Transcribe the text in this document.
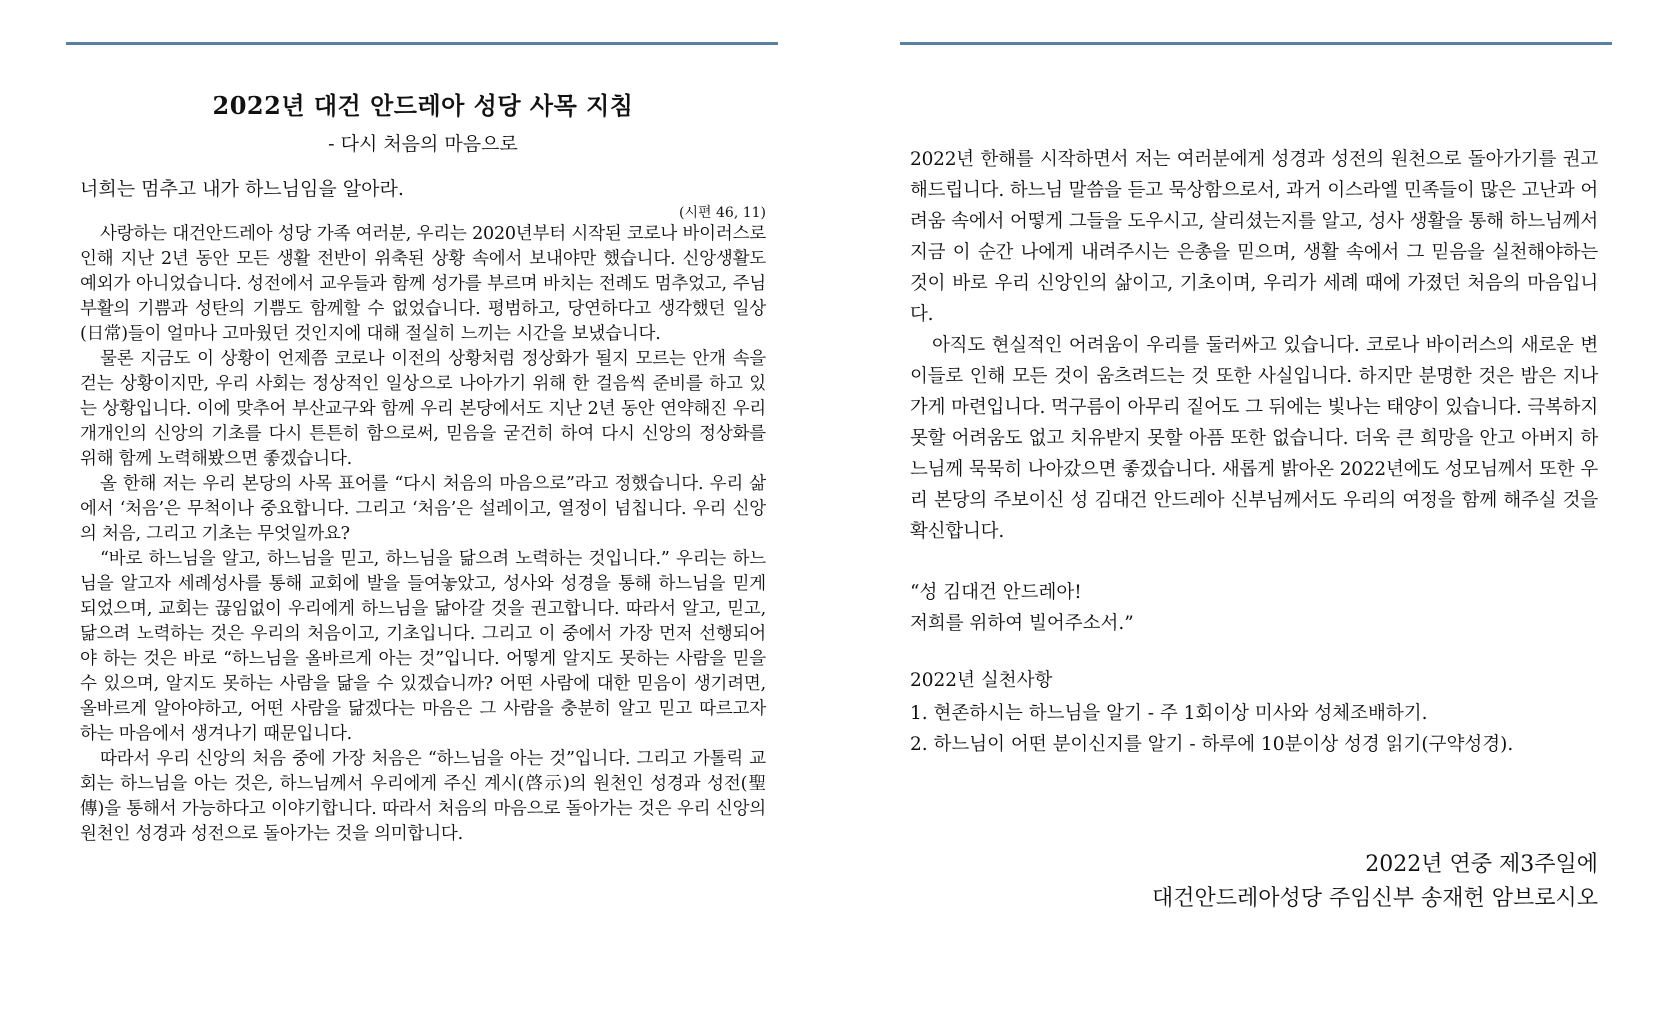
2022년 대건 안드레아 성당 사목 지침
- 다시 처음의 마음으로

너희는 멈추고 내가 하느님임을 알아라.

(시편 46, 11)

사랑하는 대건안드레아 성당 가족 여러분, 우리는 2020년부터 시작된 코로나 바이러스로 인해 지난 2년 동안 모든 생활 전반이 위축된 상황 속에서 보내야만 했습니다. 신앙생활도 예외가 아니었습니다. 성전에서 교우들과 함께 성가를 부르며 바치는 전례도 멈추었고, 주님 부활의 기쁨과 성탄의 기쁨도 함께할 수 없었습니다. 평범하고, 당연하다고 생각했던 일상(日常)들이 얼마나 고마웠던 것인지에 대해 절실히 느끼는 시간을 보냈습니다.

물론 지금도 이 상황이 언제쯤 코로나 이전의 상황처럼 정상화가 될지 모르는 안개 속을 걷는 상황이지만, 우리 사회는 정상적인 일상으로 나아가기 위해 한 걸음씩 준비를 하고 있는 상황입니다. 이에 맞추어 부산교구와 함께 우리 본당에서도 지난 2년 동안 연약해진 우리 개개인의 신앙의 기초를 다시 튼튼히 함으로써, 믿음을 굳건히 하여 다시 신앙의 정상화를 위해 함께 노력해봤으면 좋겠습니다.

올 한해 저는 우리 본당의 사목 표어를 “다시 처음의 마음으로”라고 정했습니다. 우리 삶에서 ‘처음’은 무척이나 중요합니다. 그리고 ‘처음’은 설레이고, 열정이 넘칩니다. 우리 신앙의 처음, 그리고 기초는 무엇일까요?

“바로 하느님을 알고, 하느님을 믿고, 하느님을 닮으려 노력하는 것입니다.” 우리는 하느님을 알고자 세례성사를 통해 교회에 발을 들여놓았고, 성사와 성경을 통해 하느님을 믿게 되었으며, 교회는 끊임없이 우리에게 하느님을 닮아갈 것을 권고합니다. 따라서 알고, 믿고, 닮으려 노력하는 것은 우리의 처음이고, 기초입니다. 그리고 이 중에서 가장 먼저 선행되어야 하는 것은 바로 “하느님을 올바르게 아는 것”입니다. 어떻게 알지도 못하는 사람을 믿을 수 있으며, 알지도 못하는 사람을 닮을 수 있겠습니까? 어떤 사람에 대한 믿음이 생기려면, 올바르게 알아야하고, 어떤 사람을 닮겠다는 마음은 그 사람을 충분히 알고 믿고 따르고자 하는 마음에서 생겨나기 때문입니다.

따라서 우리 신앙의 처음 중에 가장 처음은 “하느님을 아는 것”입니다. 그리고 가톨릭 교회는 하느님을 아는 것은, 하느님께서 우리에게 주신 계시(啓示)의 원천인 성경과 성전(聖傳)을 통해서 가능하다고 이야기합니다. 따라서 처음의 마음으로 돌아가는 것은 우리 신앙의 원천인 성경과 성전으로 돌아가는 것을 의미합니다.

2022년 한해를 시작하면서 저는 여러분에게 성경과 성전의 원천으로 돌아가기를 권고해드립니다. 하느님 말씀을 듣고 묵상함으로서, 과거 이스라엘 민족들이 많은 고난과 어려움 속에서 어떻게 그들을 도우시고, 살리셨는지를 알고, 성사 생활을 통해 하느님께서 지금 이 순간 나에게 내려주시는 은총을 믿으며, 생활 속에서 그 믿음을 실천해야하는 것이 바로 우리 신앙인의 삶이고, 기초이며, 우리가 세례 때에 가졌던 처음의 마음입니다.

아직도 현실적인 어려움이 우리를 둘러싸고 있습니다. 코로나 바이러스의 새로운 변이들로 인해 모든 것이 움츠려드는 것 또한 사실입니다. 하지만 분명한 것은 밤은 지나가게 마련입니다. 먹구름이 아무리 짙어도 그 뒤에는 빛나는 태양이 있습니다. 극복하지 못할 어려움도 없고 치유받지 못할 아픔 또한 없습니다. 더욱 큰 희망을 안고 아버지 하느님께 묵묵히 나아갔으면 좋겠습니다. 새롭게 밝아온 2022년에도 성모님께서 또한 우리 본당의 주보이신 성 김대건 안드레아 신부님께서도 우리의 여정을 함께 해주실 것을 확신합니다.

“성 김대건 안드레아!
저희를 위하여 빌어주소서.”
2022년 실천사항
1. 현존하시는 하느님을 알기 - 주 1회이상 미사와 성체조배하기.
2. 하느님이 어떤 분이신지를 알기 - 하루에 10분이상 성경 읽기(구약성경).
2022년 연중 제3주일에
대건안드레아성당 주임신부 송재헌 암브로시오
